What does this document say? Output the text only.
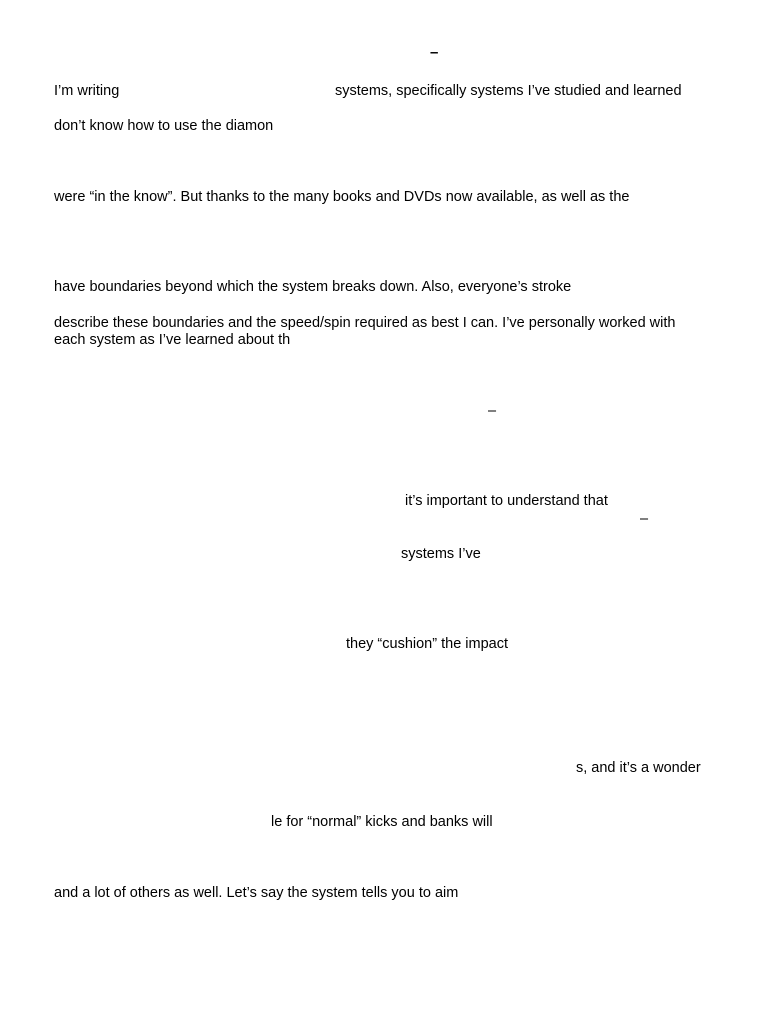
–
I’m writing	systems, specifically systems I’ve studied and learned
don’t know how to use the diamon
were “in the know”. But thanks to the many books and DVDs now available, as well as the
have boundaries beyond which the system breaks down. Also, everyone’s stroke
describe these boundaries and the speed/spin required as best I can. I’ve personally worked with
each system as I’ve learned about th
–
it’s important to understand that
–
systems I’ve
they “cushion” the impact
s, and it’s a wonder
le for “normal” kicks and banks will
and a lot of others as well. Let’s say the system tells you to aim
